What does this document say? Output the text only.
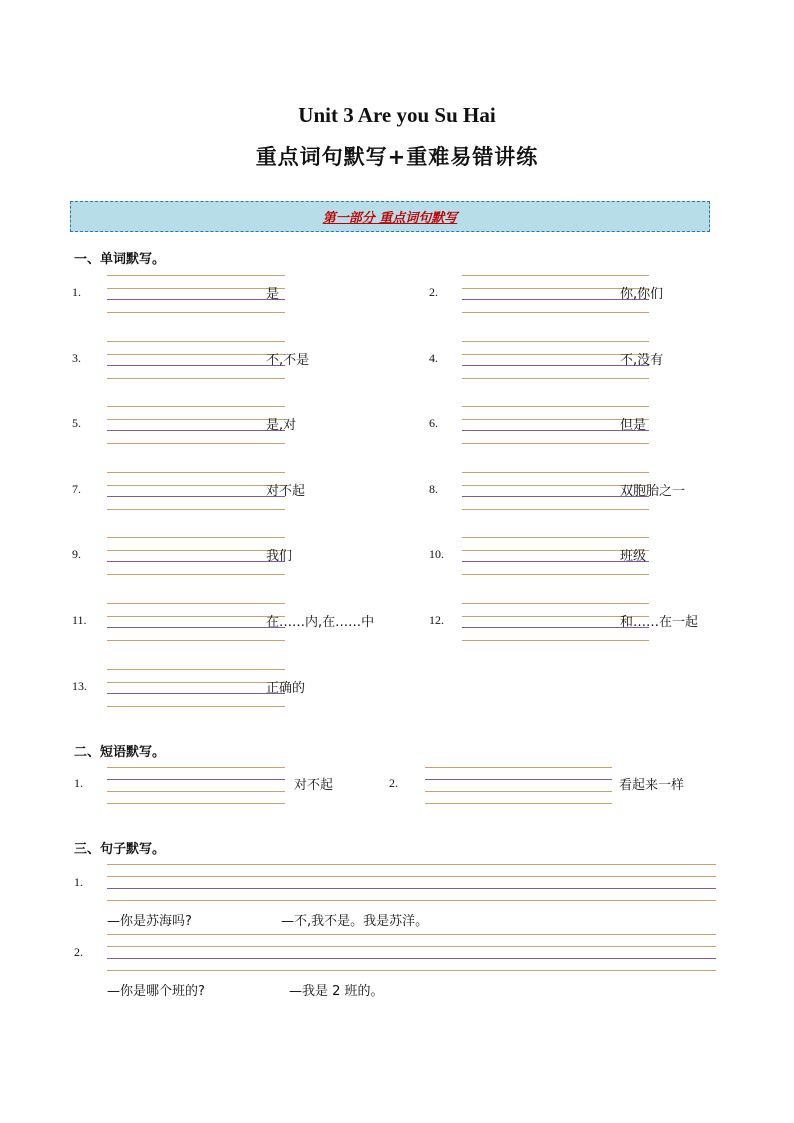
Unit 3 Are you Su Hai
重点词句默写+重难易错讲练
第一部分 重点词句默写
一、单词默写。
1.	是	2.	你,你们
3.	不,不是	4.	不,没有
5.	是,对	6.	但是
7.	对不起	8.	双胞胎之一
9.	我们	10.	班级
11.	在……内,在……中	12.	和……在一起
13.	正确的
二、短语默写。
1.	对不起	2.	看起来一样
三、句子默写。
1.
—你是苏海吗?	—不,我不是。我是苏洋。
2.
—你是哪个班的?	—我是 2 班的。
